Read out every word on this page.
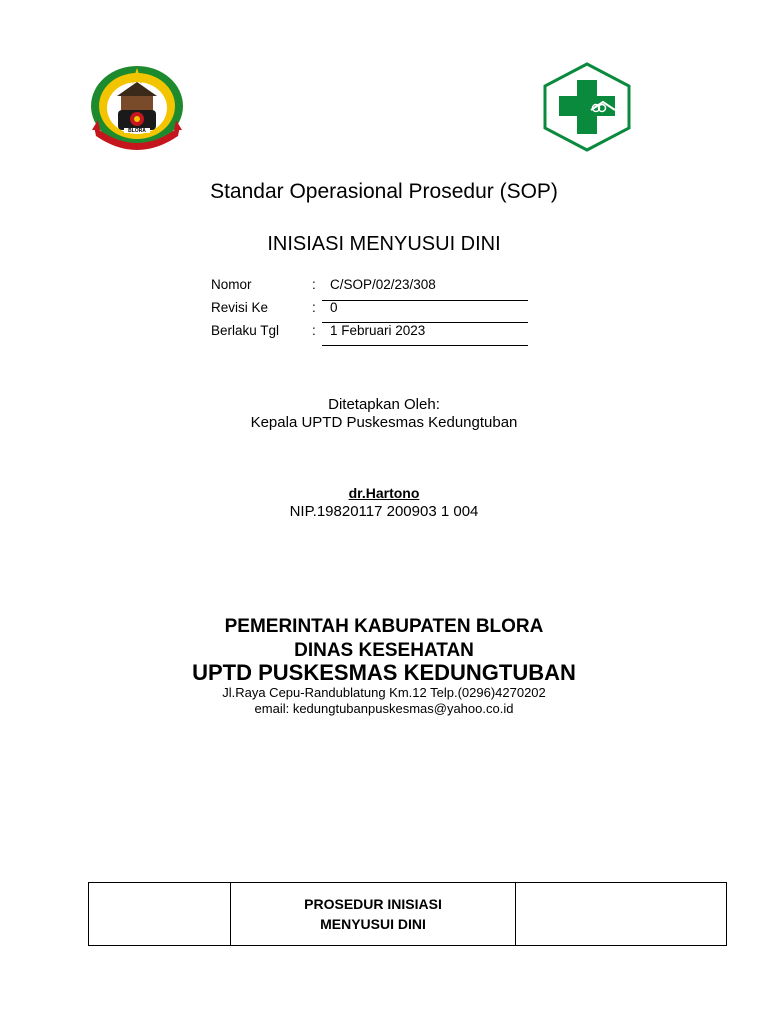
BLORA
Standar Operasional Prosedur (SOP)
INISIASI MENYUSUI DINI
Nomor	: C/SOP/02/23/308
Revisi Ke	: 0
Berlaku Tgl : 1 Februari 2023
Ditetapkan Oleh:
Kepala UPTD Puskesmas Kedungtuban
dr.Hartono
NIP.19820117 200903 1 004
PEMERINTAH KABUPATEN BLORA
DINAS KESEHATAN
UPTD PUSKESMAS KEDUNGTUBAN
Jl.Raya Cepu-Randublatung Km.12 Telp.(0296)4270202
email: kedungtubanpuskesmas@yahoo.co.id

PROSEDUR INISIASI
MENYUSUI DINI
